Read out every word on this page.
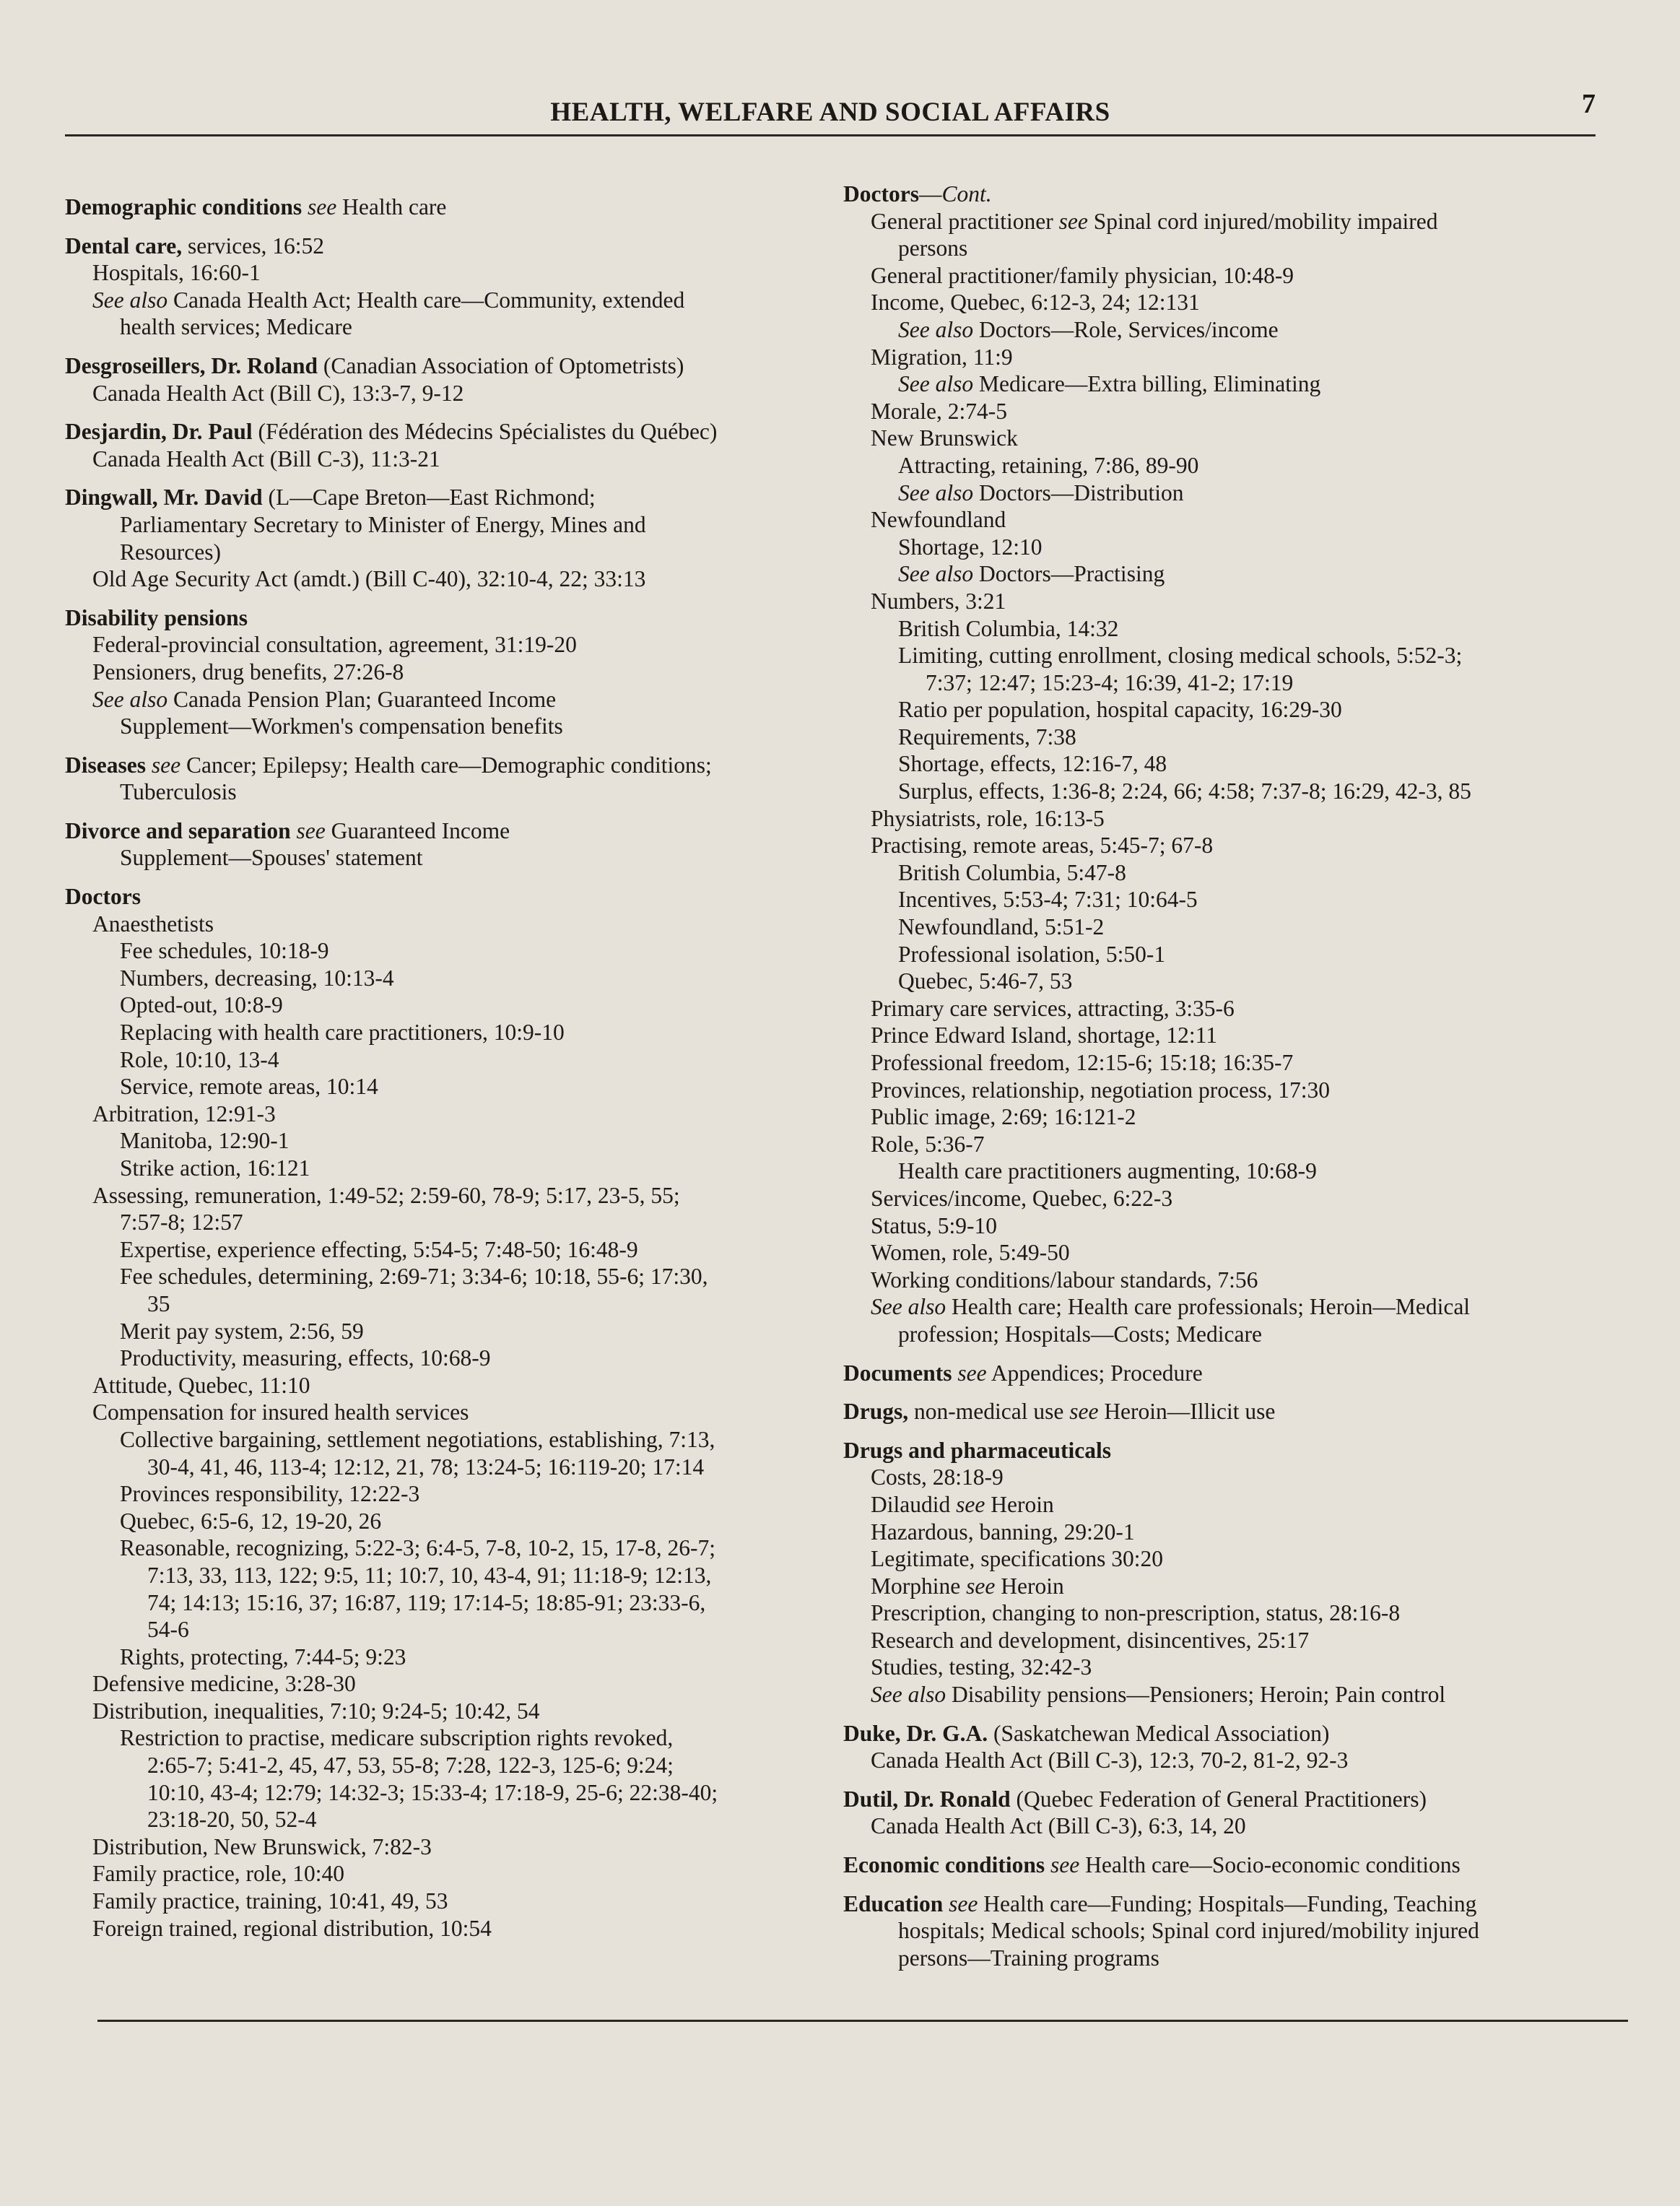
HEALTH, WELFARE AND SOCIAL AFFAIRS	7
Demographic conditions see Health care
Dental care, services, 16:52
Hospitals, 16:60-1
See also Canada Health Act; Health care—Community, extended
health services; Medicare
Desgroseillers, Dr. Roland (Canadian Association of Optometrists)
Canada Health Act (Bill C), 13:3-7, 9-12
Desjardin, Dr. Paul (Fédération des Médecins Spécialistes du Québec)
Canada Health Act (Bill C-3), 11:3-21
Dingwall, Mr. David (L—Cape Breton—East Richmond;
Parliamentary Secretary to Minister of Energy, Mines and
Resources)
Old Age Security Act (amdt.) (Bill C-40), 32:10-4, 22; 33:13
Disability pensions
Federal-provincial consultation, agreement, 31:19-20
Pensioners, drug benefits, 27:26-8
See also Canada Pension Plan; Guaranteed Income
Supplement—Workmen's compensation benefits
Diseases see Cancer; Epilepsy; Health care—Demographic conditions;
Tuberculosis
Divorce and separation see Guaranteed Income
Supplement—Spouses' statement
Doctors
Anaesthetists
Fee schedules, 10:18-9
Numbers, decreasing, 10:13-4
Opted-out, 10:8-9
Replacing with health care practitioners, 10:9-10
Role, 10:10, 13-4
Service, remote areas, 10:14
Arbitration, 12:91-3
Manitoba, 12:90-1
Strike action, 16:121
Assessing, remuneration, 1:49-52; 2:59-60, 78-9; 5:17, 23-5, 55;
7:57-8; 12:57
Expertise, experience effecting, 5:54-5; 7:48-50; 16:48-9
Fee schedules, determining, 2:69-71; 3:34-6; 10:18, 55-6; 17:30,
35
Merit pay system, 2:56, 59
Productivity, measuring, effects, 10:68-9
Attitude, Quebec, 11:10
Compensation for insured health services
Collective bargaining, settlement negotiations, establishing, 7:13,
30-4, 41, 46, 113-4; 12:12, 21, 78; 13:24-5; 16:119-20; 17:14
Provinces responsibility, 12:22-3
Quebec, 6:5-6, 12, 19-20, 26
Reasonable, recognizing, 5:22-3; 6:4-5, 7-8, 10-2, 15, 17-8, 26-7;
7:13, 33, 113, 122; 9:5, 11; 10:7, 10, 43-4, 91; 11:18-9; 12:13,
74; 14:13; 15:16, 37; 16:87, 119; 17:14-5; 18:85-91; 23:33-6,
54-6
Rights, protecting, 7:44-5; 9:23
Defensive medicine, 3:28-30
Distribution, inequalities, 7:10; 9:24-5; 10:42, 54
Restriction to practise, medicare subscription rights revoked,
2:65-7; 5:41-2, 45, 47, 53, 55-8; 7:28, 122-3, 125-6; 9:24;
10:10, 43-4; 12:79; 14:32-3; 15:33-4; 17:18-9, 25-6; 22:38-40;
23:18-20, 50, 52-4
Distribution, New Brunswick, 7:82-3
Family practice, role, 10:40
Family practice, training, 10:41, 49, 53
Foreign trained, regional distribution, 10:54
Doctors—Cont.
General practitioner see Spinal cord injured/mobility impaired
persons
General practitioner/family physician, 10:48-9
Income, Quebec, 6:12-3, 24; 12:131
See also Doctors—Role, Services/income
Migration, 11:9
See also Medicare—Extra billing, Eliminating
Morale, 2:74-5
New Brunswick
Attracting, retaining, 7:86, 89-90
See also Doctors—Distribution
Newfoundland
Shortage, 12:10
See also Doctors—Practising
Numbers, 3:21
British Columbia, 14:32
Limiting, cutting enrollment, closing medical schools, 5:52-3;
7:37; 12:47; 15:23-4; 16:39, 41-2; 17:19
Ratio per population, hospital capacity, 16:29-30
Requirements, 7:38
Shortage, effects, 12:16-7, 48
Surplus, effects, 1:36-8; 2:24, 66; 4:58; 7:37-8; 16:29, 42-3, 85
Physiatrists, role, 16:13-5
Practising, remote areas, 5:45-7; 67-8
British Columbia, 5:47-8
Incentives, 5:53-4; 7:31; 10:64-5
Newfoundland, 5:51-2
Professional isolation, 5:50-1
Quebec, 5:46-7, 53
Primary care services, attracting, 3:35-6
Prince Edward Island, shortage, 12:11
Professional freedom, 12:15-6; 15:18; 16:35-7
Provinces, relationship, negotiation process, 17:30
Public image, 2:69; 16:121-2
Role, 5:36-7
Health care practitioners augmenting, 10:68-9
Services/income, Quebec, 6:22-3
Status, 5:9-10
Women, role, 5:49-50
Working conditions/labour standards, 7:56
See also Health care; Health care professionals; Heroin—Medical
profession; Hospitals—Costs; Medicare
Documents see Appendices; Procedure
Drugs, non-medical use see Heroin—Illicit use
Drugs and pharmaceuticals
Costs, 28:18-9
Dilaudid see Heroin
Hazardous, banning, 29:20-1
Legitimate, specifications 30:20
Morphine see Heroin
Prescription, changing to non-prescription, status, 28:16-8
Research and development, disincentives, 25:17
Studies, testing, 32:42-3
See also Disability pensions—Pensioners; Heroin; Pain control
Duke, Dr. G.A. (Saskatchewan Medical Association)
Canada Health Act (Bill C-3), 12:3, 70-2, 81-2, 92-3
Dutil, Dr. Ronald (Quebec Federation of General Practitioners)
Canada Health Act (Bill C-3), 6:3, 14, 20
Economic conditions see Health care—Socio-economic conditions
Education see Health care—Funding; Hospitals—Funding, Teaching
hospitals; Medical schools; Spinal cord injured/mobility injured
persons—Training programs
